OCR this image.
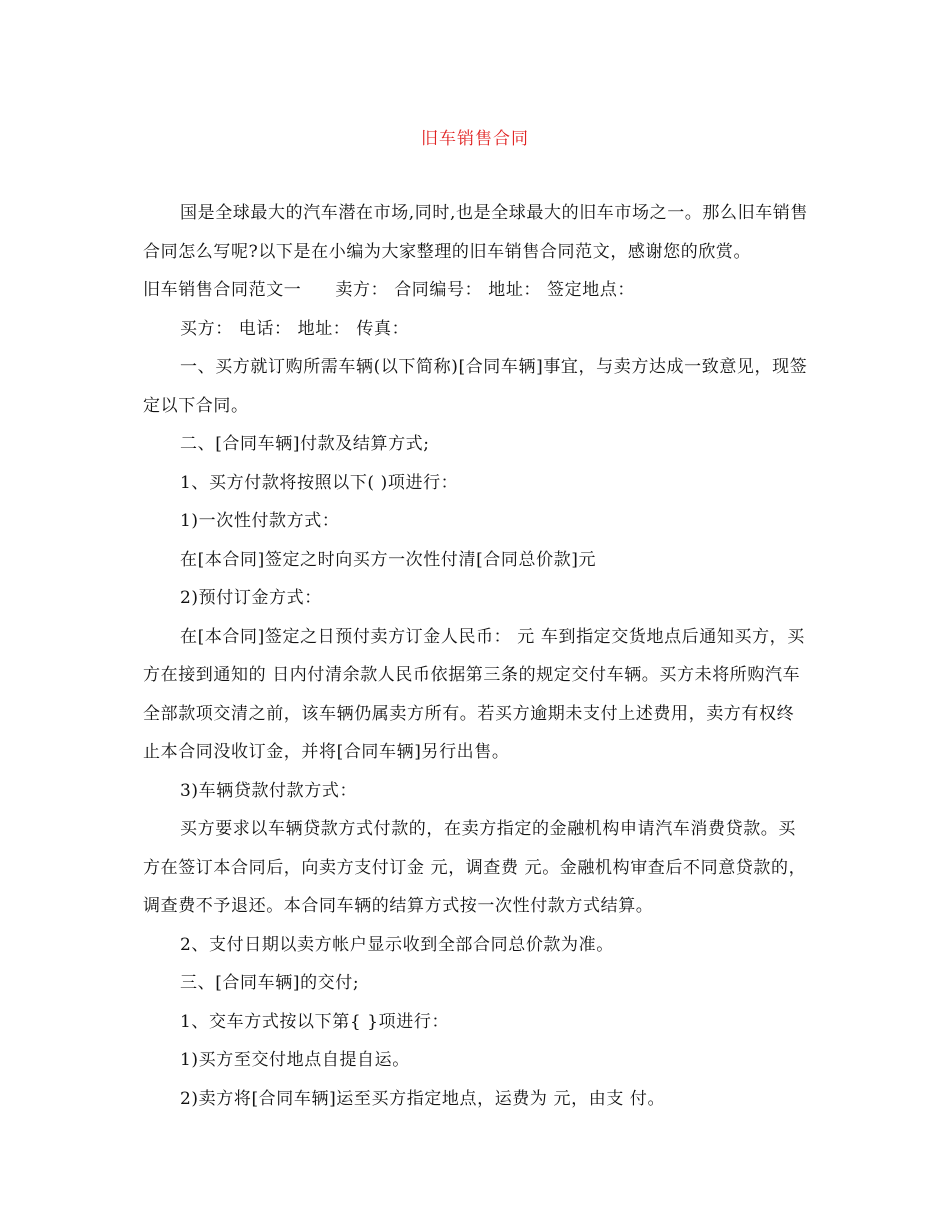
旧车销售合同

国是全球最大的汽车潜在市场,同时,也是全球最大的旧车市场之一。那么旧车销售合同怎么写呢?以下是在小编为大家整理的旧车销售合同范文，感谢您的欣赏。

旧车销售合同范文一 卖方： 合同编号： 地址： 签定地点：

买方： 电话： 地址： 传真：

一、买方就订购所需车辆(以下简称)[合同车辆]事宜，与卖方达成一致意见，现签定以下合同。

二、[合同车辆]付款及结算方式;

1、买方付款将按照以下( )项进行：

1)一次性付款方式：

在[本合同]签定之时向买方一次性付清[合同总价款]元

2)预付订金方式：

在[本合同]签定之日预付卖方订金人民币： 元 车到指定交货地点后通知买方，买方在接到通知的 日内付清余款人民币依据第三条的规定交付车辆。买方未将所购汽车全部款项交清之前，该车辆仍属卖方所有。若买方逾期未支付上述费用，卖方有权终止本合同没收订金，并将[合同车辆]另行出售。

3)车辆贷款付款方式：

买方要求以车辆贷款方式付款的，在卖方指定的金融机构申请汽车消费贷款。买方在签订本合同后，向卖方支付订金 元，调查费 元。金融机构审查后不同意贷款的，调查费不予退还。本合同车辆的结算方式按一次性付款方式结算。

2、支付日期以卖方帐户显示收到全部合同总价款为准。

三、[合同车辆]的交付;

1、交车方式按以下第{ }项进行：

1)买方至交付地点自提自运。

2)卖方将[合同车辆]运至买方指定地点，运费为 元，由支 付。
